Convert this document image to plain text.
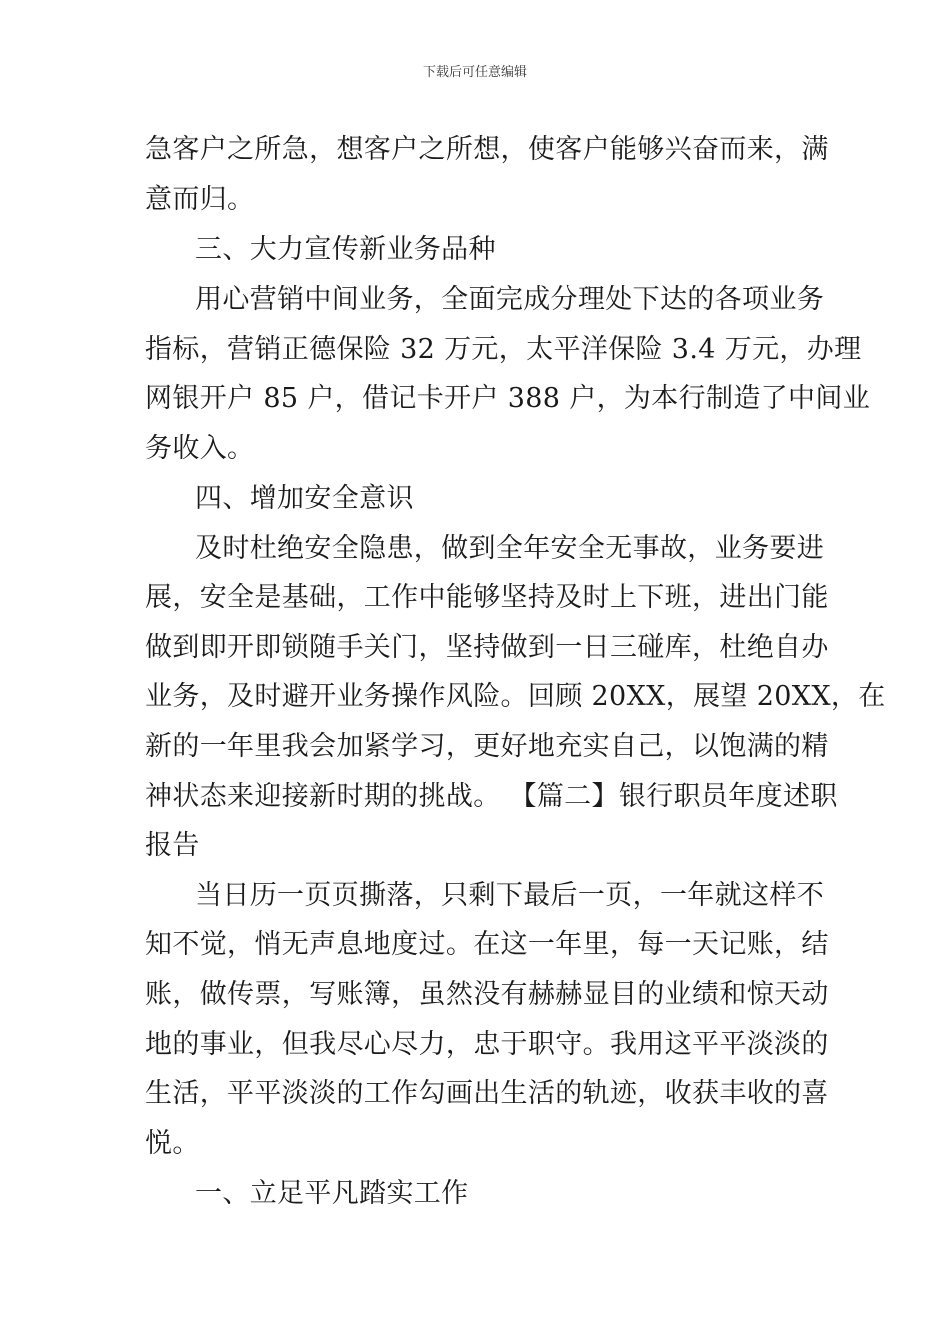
下载后可任意编辑
急客户之所急，想客户之所想，使客户能够兴奋而来，满
意而归。
三、大力宣传新业务品种
用心营销中间业务，全面完成分理处下达的各项业务
指标，营销正德保险 32 万元，太平洋保险 3.4 万元，办理
网银开户 85 户，借记卡开户 388 户，为本行制造了中间业
务收入。
四、增加安全意识
及时杜绝安全隐患，做到全年安全无事故，业务要进
展，安全是基础，工作中能够坚持及时上下班，进出门能
做到即开即锁随手关门，坚持做到一日三碰库，杜绝自办
业务，及时避开业务操作风险。回顾 20XX，展望 20XX，在
新的一年里我会加紧学习，更好地充实自己，以饱满的精
神状态来迎接新时期的挑战。 【篇二】银行职员年度述职
报告
当日历一页页撕落，只剩下最后一页，一年就这样不
知不觉，悄无声息地度过。在这一年里，每一天记账，结
账，做传票，写账簿，虽然没有赫赫显目的业绩和惊天动
地的事业，但我尽心尽力，忠于职守。我用这平平淡淡的
生活，平平淡淡的工作勾画出生活的轨迹，收获丰收的喜
悦。
一、立足平凡踏实工作
